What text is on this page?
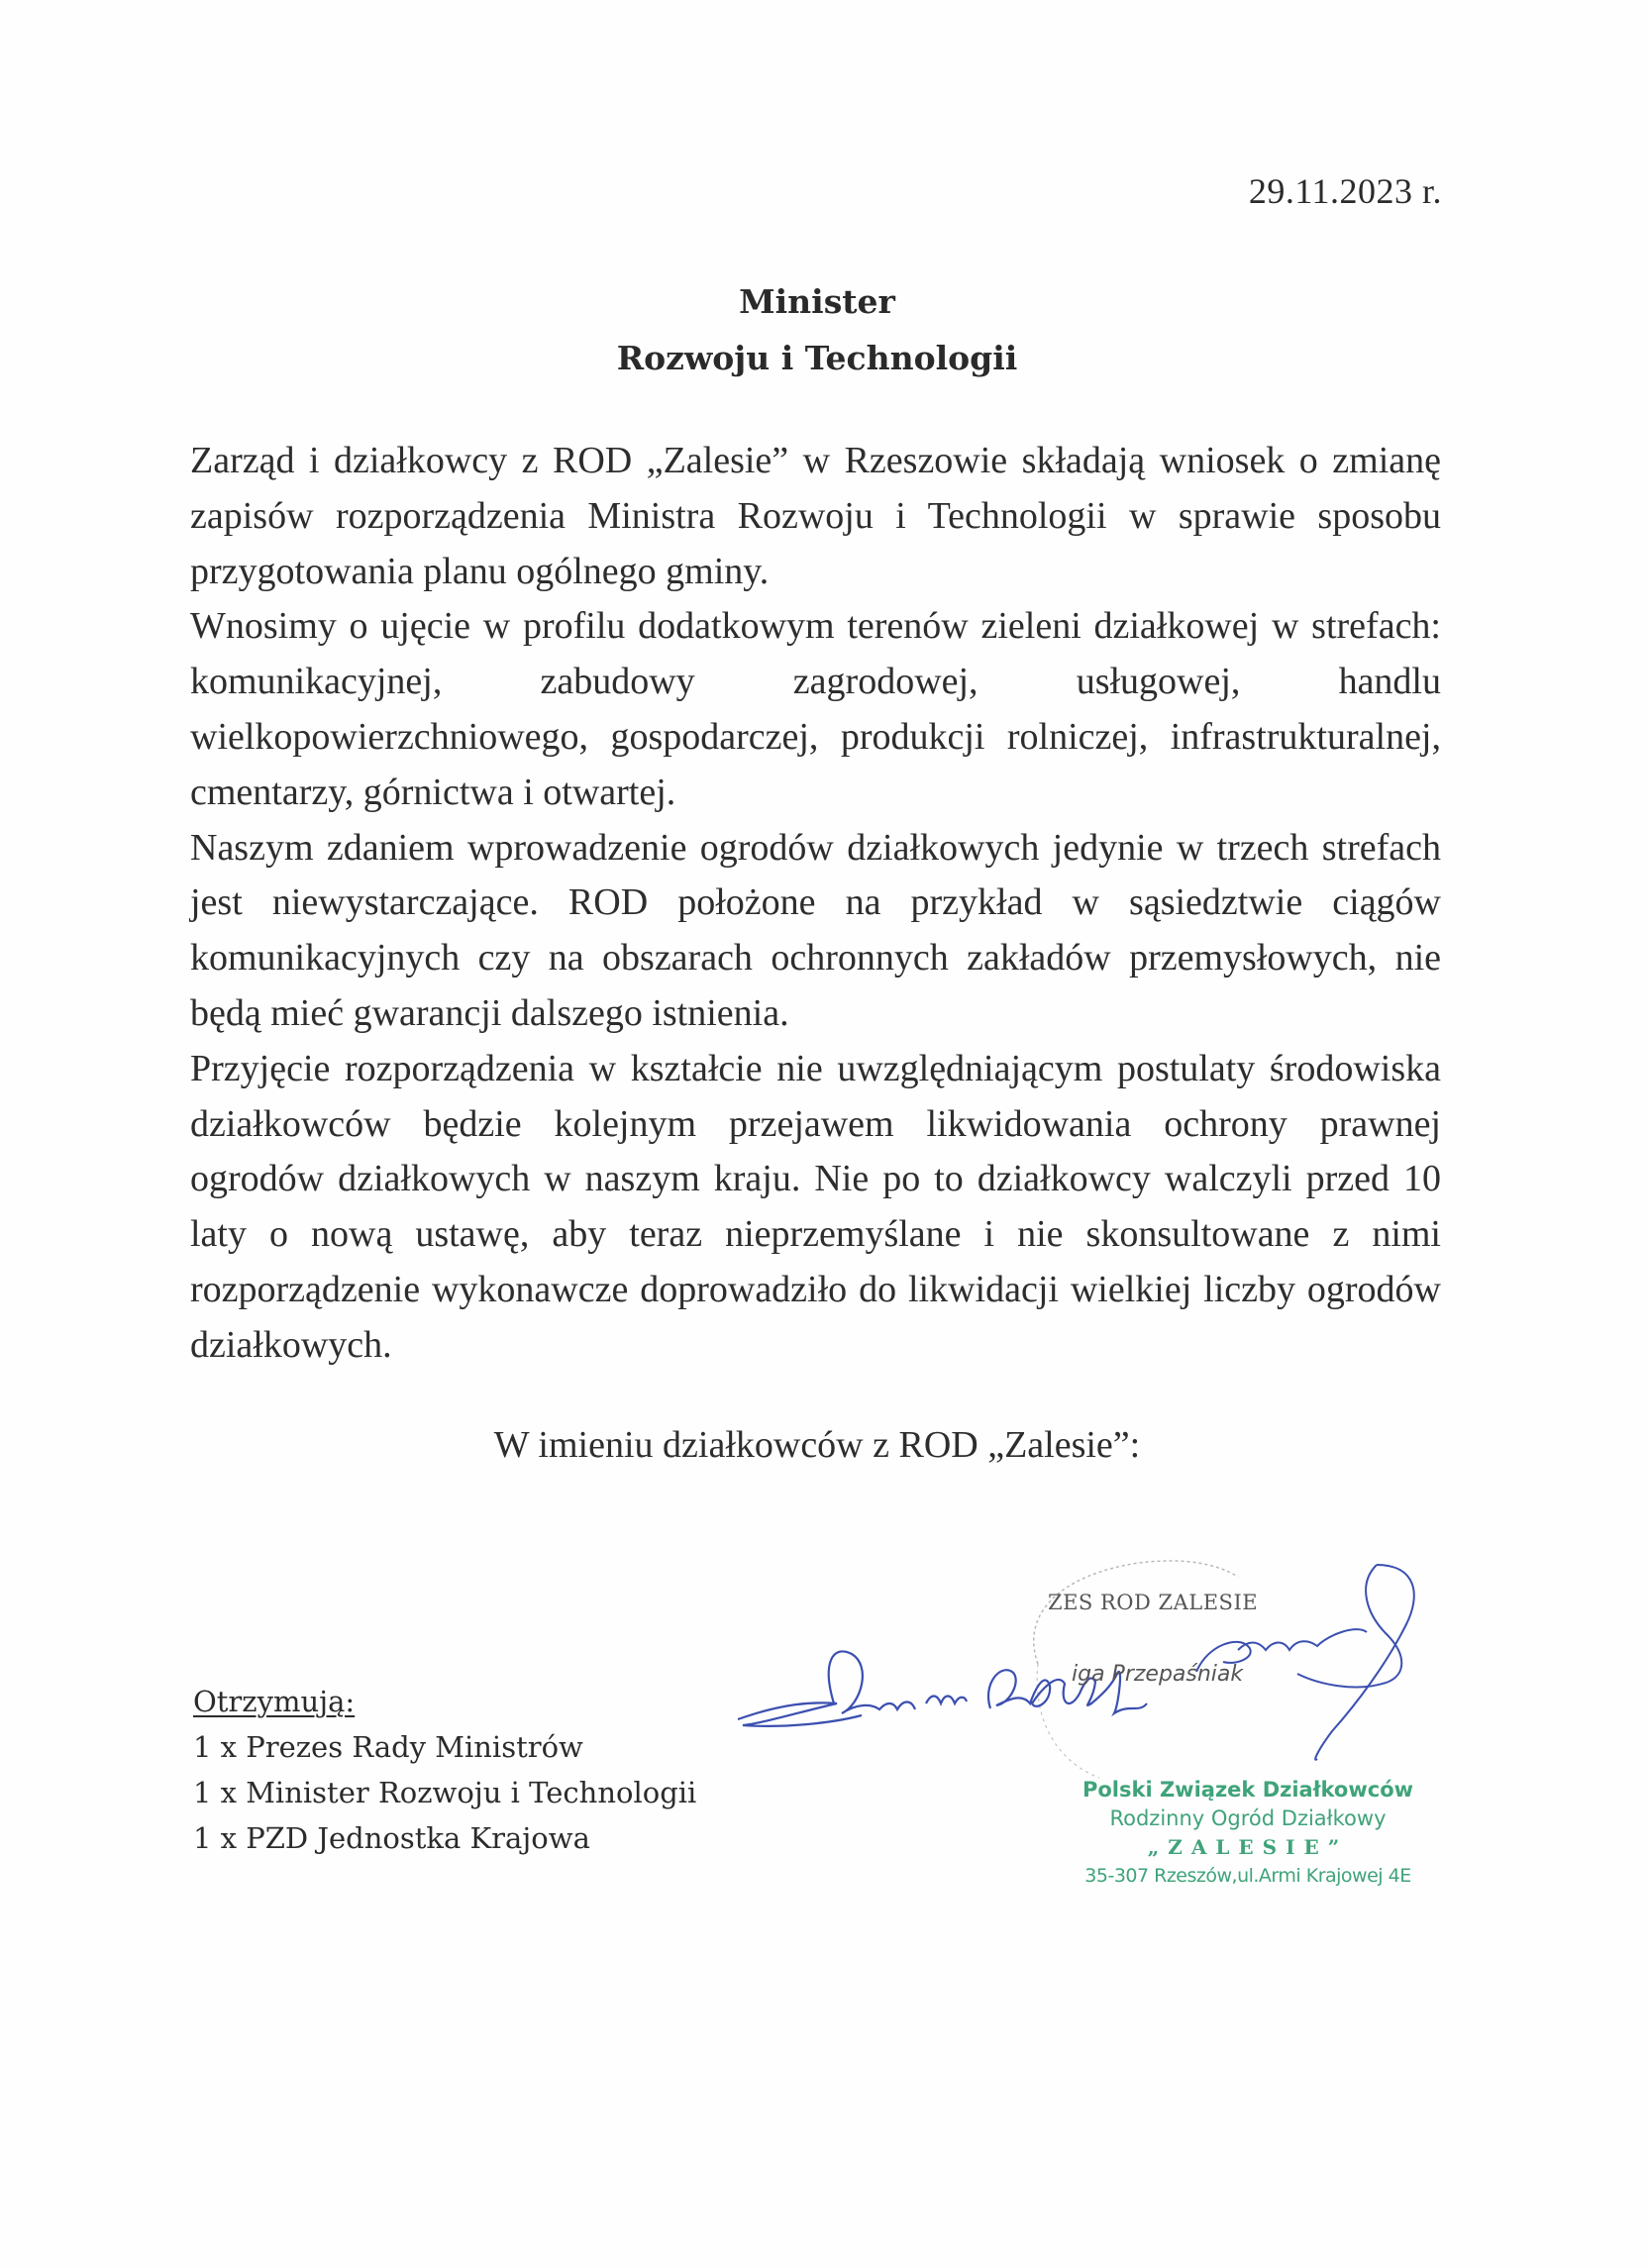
29.11.2023 r.
Minister
Rozwoju i Technologii

Zarząd i działkowcy z ROD „Zalesie” w Rzeszowie składają wniosek o zmianę zapisów rozporządzenia Ministra Rozwoju i Technologii w sprawie sposobu przygotowania planu ogólnego gminy.

Wnosimy o ujęcie w profilu dodatkowym terenów zieleni działkowej w strefach: komunikacyjnej, zabudowy zagrodowej, usługowej, handlu wielkopowierzchniowego, gospodarczej, produkcji rolniczej, infrastrukturalnej, cmentarzy, górnictwa i otwartej.

Naszym zdaniem wprowadzenie ogrodów działkowych jedynie w trzech strefach jest niewystarczające. ROD położone na przykład w sąsiedztwie ciągów komunikacyjnych czy na obszarach ochronnych zakładów przemysłowych, nie będą mieć gwarancji dalszego istnienia.

Przyjęcie rozporządzenia w kształcie nie uwzględniającym postulaty środowiska działkowców będzie kolejnym przejawem likwidowania ochrony prawnej ogrodów działkowych w naszym kraju. Nie po to działkowcy walczyli przed 10 laty o nową ustawę, aby teraz nieprzemyślane i nie skonsultowane z nimi rozporządzenie wykonawcze doprowadziło do likwidacji wielkiej liczby ogrodów działkowych.

W imieniu działkowców z ROD „Zalesie”:
ZES ROD ZALESIE
iga Przepaśniak
Otrzymują:
1 x Prezes Rady Ministrów
1 x Minister Rozwoju i Technologii
1 x PZD Jednostka Krajowa
Polski Związek Działkowców
Rodzinny Ogród Działkowy
„ZALESIE”
35-307 Rzeszów,ul.Armi Krajowej 4E
